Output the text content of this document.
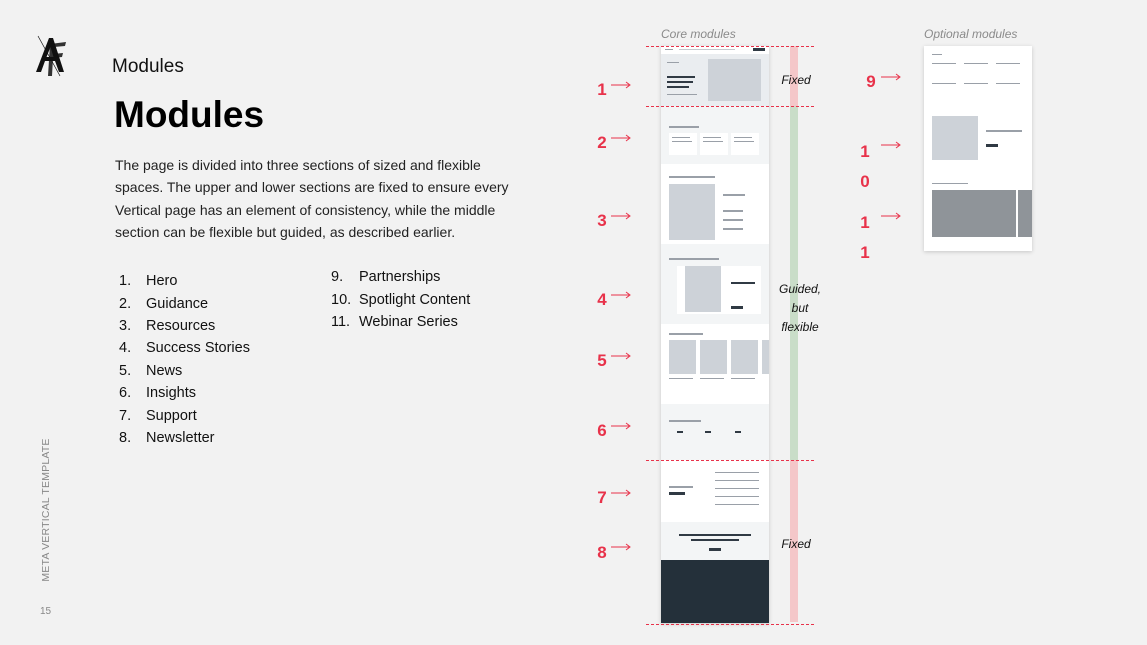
Modules
Modules
The page is divided into three sections of sized and flexible spaces. The upper and lower sections are fixed to ensure every Vertical page has an element of consistency, while the middle section can be flexible but guided, as described earlier.
1.	Hero
2.	Guidance
3.	Resources
4.	Success Stories
5.	News
6.	Insights
7.	Support
8.	Newsletter
9.	Partnerships
10. Spotlight Content
11. Webinar Series
META VERTICAL TEMPLATE
15
Core modules	Optional modules
1
2
3
4
5
6
7
8
9
1
0
1
1
Fixed
Guided,
but
flexible
Fixed
